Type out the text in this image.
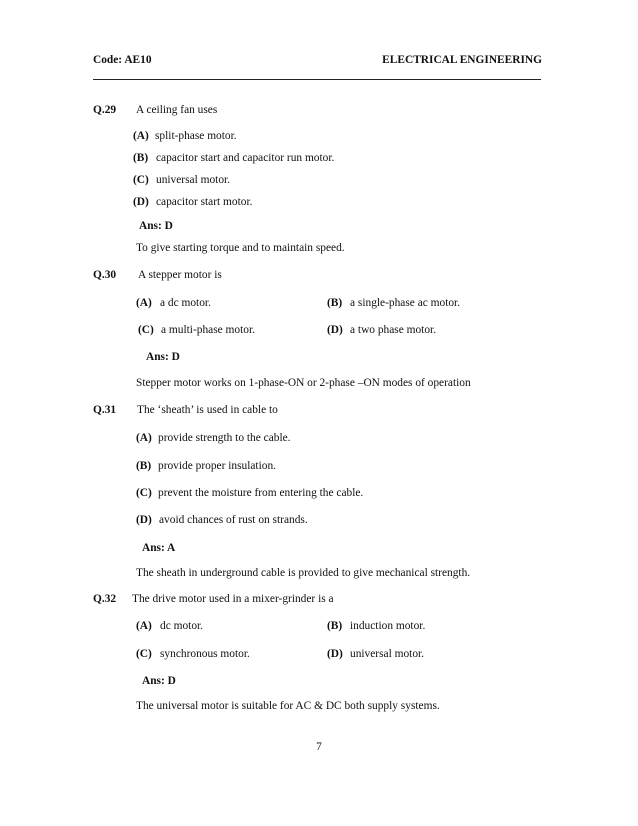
Code: AE10	ELECTRICAL ENGINEERING
Q.29 A ceiling fan uses
(A) split-phase motor.
(B) capacitor start and capacitor run motor.
(C) universal motor.
(D) capacitor start motor.
Ans: D
To give starting torque and to maintain speed.
Q.30 A stepper motor is
(A) a dc motor.	(B) a single-phase ac motor.
(C) a multi-phase motor.	(D) a two phase motor.
Ans: D
Stepper motor works on 1-phase-ON or 2-phase –ON modes of operation
Q.31 The ‘sheath’ is used in cable to
(A) provide strength to the cable.
(B) provide proper insulation.
(C) prevent the moisture from entering the cable.
(D) avoid chances of rust on strands.
Ans: A
The sheath in underground cable is provided to give mechanical strength.
Q.32 The drive motor used in a mixer-grinder is a
(A) dc motor.	(B) induction motor.
(C) synchronous motor.	(D) universal motor.
Ans: D
The universal motor is suitable for AC & DC both supply systems.
7
